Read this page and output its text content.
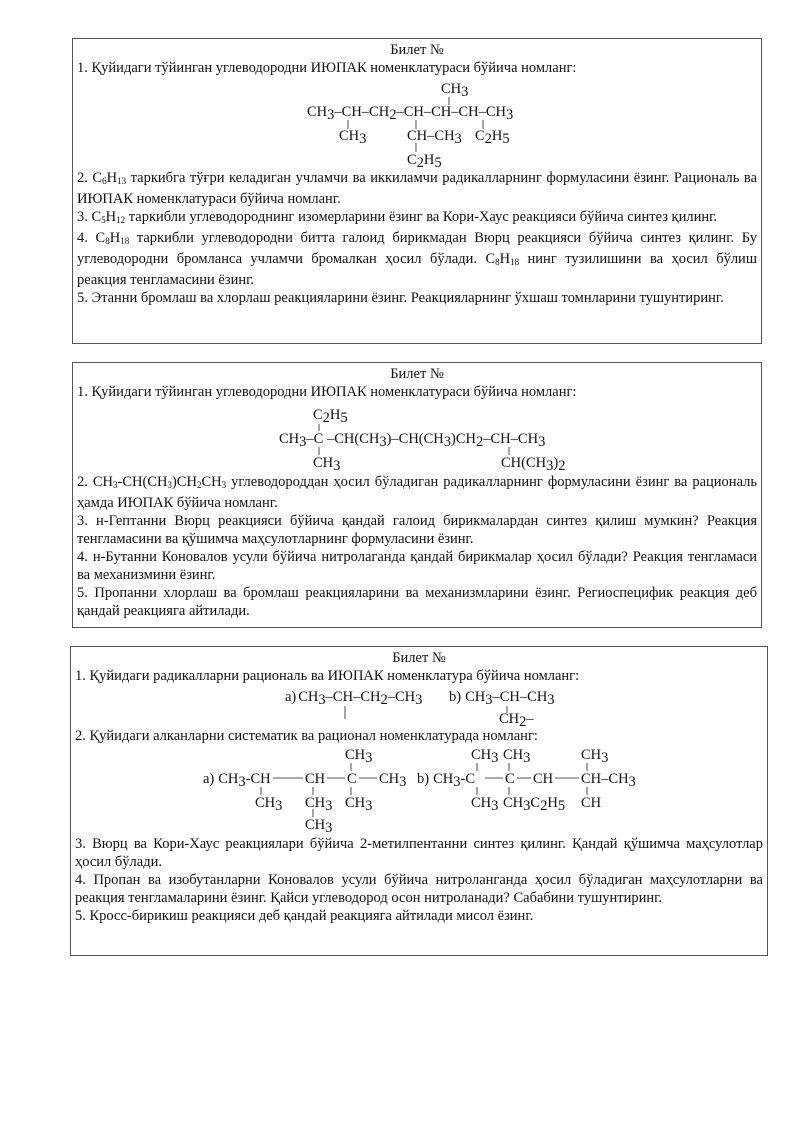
Билет №
1. Қуйидаги тўйинган углеводородни ИЮПАК номенклатураси бўйича номланг:
CH3
CH3–CH–CH2–CH–CH–CH–CH3
CH3	CH–CH3 C2H5
C2H5

2. $C_6H_{13}$ таркибга тўғри келадиган учламчи ва иккиламчи радикалларнинг формуласини ёзинг. Рациональ ва ИЮПАК номенклатураси бўйича номланг.

3. $C_5H_{12}$ таркибли углеводороднинг изомерларини ёзинг ва Кори-Хаус реакцияси бўйича синтез қилинг.

4. $C_8H_{18}$ таркибли углеводородни битта галоид бирикмадан Вюрц реакцияси бўйича синтез қилинг. Бу углеводородни бромланса учламчи бромалкан ҳосил бўлади. $C_8H_{18}$ нинг тузилишини ва ҳосил бўлиш реакция тенгламасини ёзинг.

5. Этанни бромлаш ва хлорлаш реакцияларини ёзинг. Реакцияларнинг ўхшаш томнларини тушунтиринг.

Билет №
1. Қуйидаги тўйинган углеводородни ИЮПАК номенклатураси бўйича номланг:
C2H5
CH3–C –CH(CH3)–CH(CH3)CH2–CH–CH3
CH3	CH(CH3)2

2. $CH_3-CH(CH_3)CH_2CH_3$ углеводороддан ҳосил бўладиган радикалларнинг формуласини ёзинг ва рациональ ҳамда ИЮПАК бўйича номланг.

3. н-Гептанни Вюрц реакцияси бўйича қандай галоид бирикмалардан синтез қилиш мумкин? Реакция тенгламасини ва қўшимча маҳсулотларнинг формуласини ёзинг.

4. н-Бутанни Коновалов усули бўйича нитролаганда қандай бирикмалар ҳосил бўлади? Реакция тенгламаси ва механизмини ёзинг.

5. Пропанни хлорлаш ва бромлаш реакцияларини ва механизмларини ёзинг. Региоспецифик реакция деб қандай реакцияга айтилади.

Билет №
1. Қуйидаги радикалларни рациональ ва ИЮПАК номенклатура бўйича номланг:
a) CH3–CH–CH2–CH3 b) CH3–CH–CH3
CH2–
2. Қуйидаги алканларни систематик ва рационал номенклатурада номланг:
CH3
a) CH3-CH CH C CH3
CH3 CH3 CH3
CH3
CH3 CH3	CH3
b) CH3-C C CH CH–CH3
CH3 CH3C2H5 CH

3. Вюрц ва Кори-Хаус реакциялари бўйича 2-метилпентанни синтез қилинг. Қандай қўшимча маҳсулотлар ҳосил бўлади.

4. Пропан ва изобутанларни Коновалов усули бўйича нитроланганда ҳосил бўладиган маҳсулотларни ва реакция тенгламаларини ёзинг. Қайси углеводород осон нитроланади? Сабабини тушунтиринг.

5. Кросс-бирикиш реакцияси деб қандай реакцияга айтилади мисол ёзинг.
